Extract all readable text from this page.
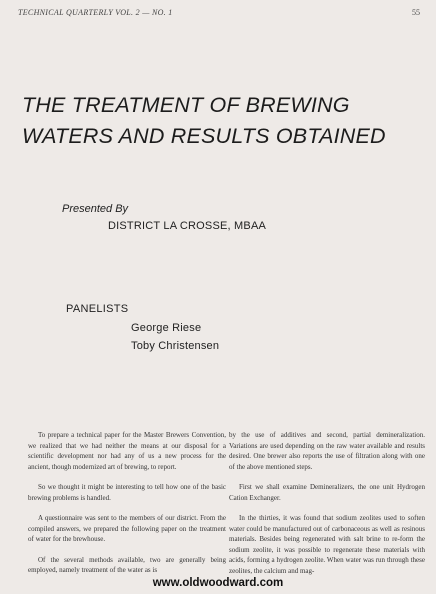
TECHNICAL QUARTERLY VOL. 2 — NO. 1	55
THE TREATMENT OF BREWING WATERS AND RESULTS OBTAINED
Presented By
DISTRICT LA CROSSE, MBAA
PANELISTS
George Riese
Toby Christensen

To prepare a technical paper for the Master Brewers Convention, we realized that we had neither the means at our disposal for a scientific development nor had any of us a new process for the ancient, though modernized art of brewing, to report.

So we thought it might be interesting to tell how one of the basic brewing problems is handled.

A questionnaire was sent to the members of our district. From the compiled answers, we prepared the following paper on the treatment of water for the brewhouse.

Of the several methods available, two are generally being employed, namely treatment of the water as is

by the use of additives and second, partial demineralization. Variations are used depending on the raw water available and results desired. One brewer also reports the use of filtration along with one of the above mentioned steps.

First we shall examine Demineralizers, the one unit Hydrogen Cation Exchanger.

In the thirties, it was found that sodium zeolites used to soften water could be manufactured out of carbonaceous as well as resinous materials. Besides being regenerated with salt brine to re-form the sodium zeolite, it was possible to regenerate these materials with acids, forming a hydrogen zeolite. When water was run through these zeolites, the calcium and mag-

www.oldwoodward.com
